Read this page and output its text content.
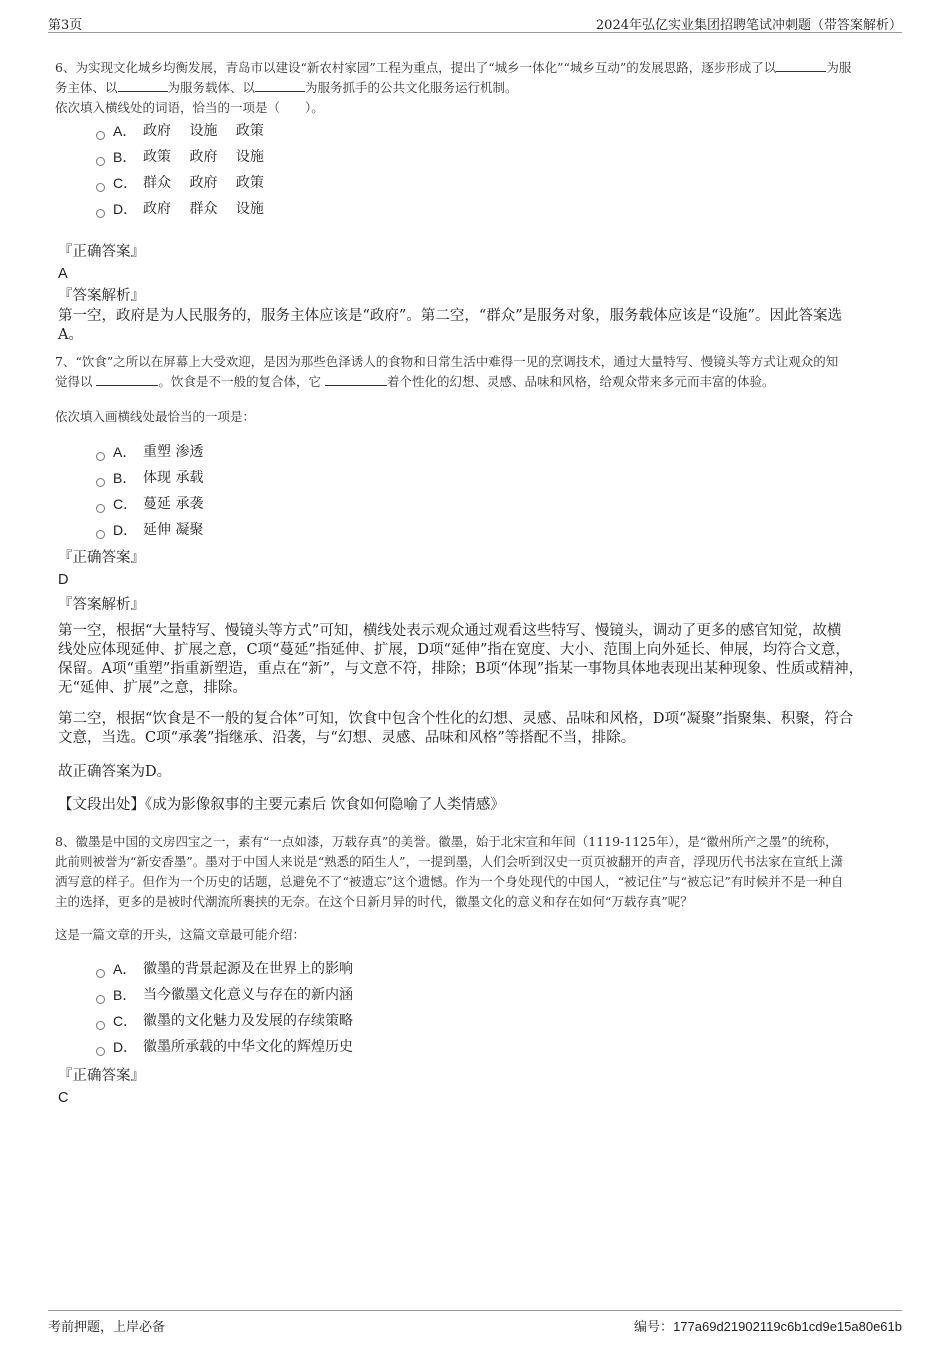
第3页	2024年弘亿实业集团招聘笔试冲刺题（带答案解析）
6、为实现文化城乡均衡发展，青岛市以建设“新农村家园”工程为重点，提出了“城乡一体化”“城乡互动”的发展思路，逐步形成了以	为服
务主体、以	为服务载体、以	为服务抓手的公共文化服务运行机制。
依次填入横线处的词语，恰当的一项是（　　）。
A． 政府　 设施　 政策
B． 政策　 政府　 设施
C． 群众　 政府　 政策
D． 政府　 群众　 设施
『正确答案』
A
『答案解析』
第一空，政府是为人民服务的，服务主体应该是“政府”。第二空，“群众”是服务对象，服务载体应该是“设施”。因此答案选
A。
7、“饮食”之所以在屏幕上大受欢迎，是因为那些色泽诱人的食物和日常生活中难得一见的烹调技术，通过大量特写、慢镜头等方式让观众的知
觉得以	。饮食是不一般的复合体，它	着个性化的幻想、灵感、品味和风格，给观众带来多元而丰富的体验。
依次填入画横线处最恰当的一项是：
A． 重塑 渗透
B． 体现 承载
C． 蔓延 承袭
D． 延伸 凝聚
『正确答案』
D
『答案解析』
第一空，根据“大量特写、慢镜头等方式”可知，横线处表示观众通过观看这些特写、慢镜头，调动了更多的感官知觉，故横
线处应体现延伸、扩展之意，C项“蔓延”指延伸、扩展，D项“延伸”指在宽度、大小、范围上向外延长、伸展，均符合文意，
保留。A项“重塑”指重新塑造，重点在“新”，与文意不符，排除；B项“体现”指某一事物具体地表现出某种现象、性质或精神，
无“延伸、扩展”之意，排除。
第二空，根据“饮食是不一般的复合体”可知，饮食中包含个性化的幻想、灵感、品味和风格，D项“凝聚”指聚集、积聚，符合
文意，当选。C项“承袭”指继承、沿袭，与“幻想、灵感、品味和风格”等搭配不当，排除。
故正确答案为D。
【文段出处】《成为影像叙事的主要元素后 饮食如何隐喻了人类情感》
8、徽墨是中国的文房四宝之一，素有“一点如漆，万载存真”的美誉。徽墨，始于北宋宣和年间（1119-1125年），是“徽州所产之墨”的统称，
此前则被誉为“新安香墨”。墨对于中国人来说是“熟悉的陌生人”，一提到墨，人们会听到汉史一页页被翻开的声音，浮现历代书法家在宣纸上潇
洒写意的样子。但作为一个历史的话题，总避免不了“被遗忘”这个遗憾。作为一个身处现代的中国人，“被记住”与“被忘记”有时候并不是一种自
主的选择，更多的是被时代潮流所裹挟的无奈。在这个日新月异的时代，徽墨文化的意义和存在如何“万载存真”呢？
这是一篇文章的开头，这篇文章最可能介绍：
A． 徽墨的背景起源及在世界上的影响
B． 当今徽墨文化意义与存在的新内涵
C． 徽墨的文化魅力及发展的存续策略
D． 徽墨所承载的中华文化的辉煌历史
『正确答案』
C
考前押题，上岸必备	编号：177a69d21902119c6b1cd9e15a80e61b
